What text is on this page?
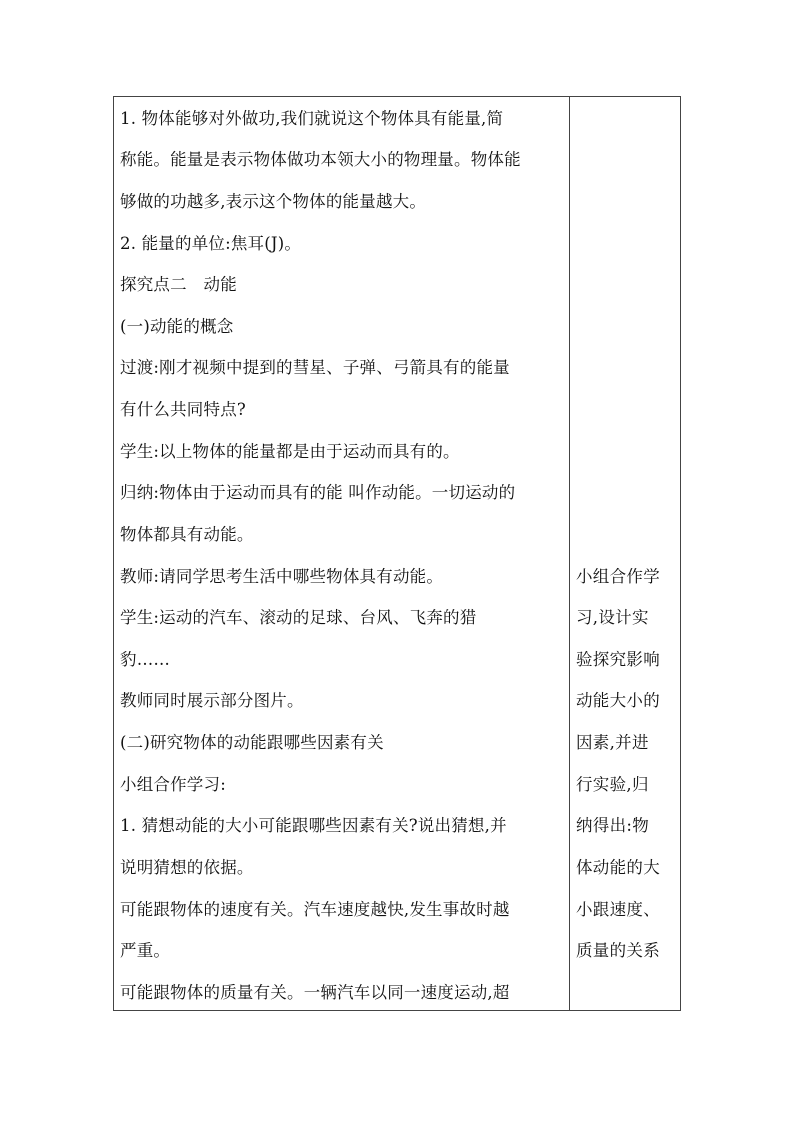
1. 物体能够对外做功,我们就说这个物体具有能量,简
称能。能量是表示物体做功本领大小的物理量。物体能
够做的功越多,表示这个物体的能量越大。
2. 能量的单位:焦耳(J)。
探究点二　动能
(一)动能的概念
过渡:刚才视频中提到的彗星、子弹、弓箭具有的能量
有什么共同特点?
学生:以上物体的能量都是由于运动而具有的。
归纳:物体由于运动而具有的能 叫作动能。一切运动的
物体都具有动能。
教师:请同学思考生活中哪些物体具有动能。
学生:运动的汽车、滚动的足球、台风、飞奔的猎
豹……
教师同时展示部分图片。
(二)研究物体的动能跟哪些因素有关
小组合作学习:
1. 猜想动能的大小可能跟哪些因素有关?说出猜想,并
说明猜想的依据。
可能跟物体的速度有关。汽车速度越快,发生事故时越
严重。
可能跟物体的质量有关。一辆汽车以同一速度运动,超
小组合作学
习,设计实
验探究影响
动能大小的
因素,并进
行实验,归
纳得出:物
体动能的大
小跟速度、
质量的关系
